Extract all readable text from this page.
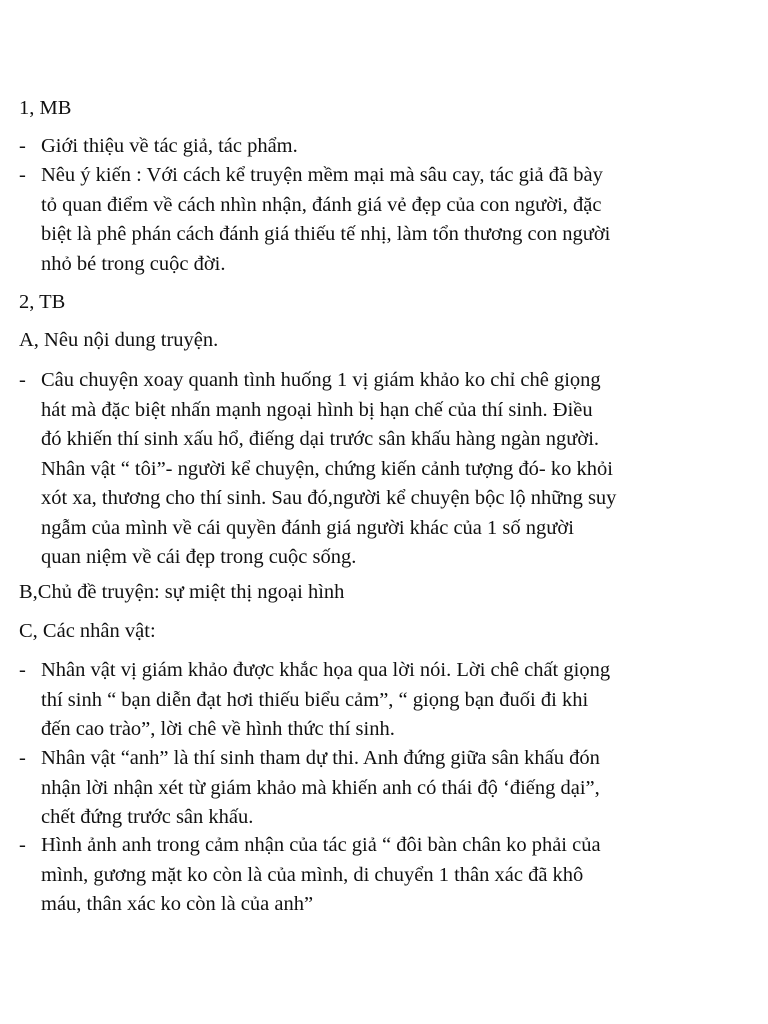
1, MB
- Giới thiệu về tác giả, tác phẩm.
- Nêu ý kiến : Với cách kể truyện mềm mại mà sâu cay, tác giả đã bày
tỏ quan điểm về cách nhìn nhận, đánh giá vẻ đẹp của con người, đặc
biệt là phê phán cách đánh giá thiếu tế nhị, làm tổn thương con người
nhỏ bé trong cuộc đời.
2, TB
A, Nêu nội dung truyện.
- Câu chuyện xoay quanh tình huống 1 vị giám khảo ko chỉ chê giọng
hát mà đặc biệt nhấn mạnh ngoại hình bị hạn chế của thí sinh. Điều
đó khiến thí sinh xấu hổ, điếng dại trước sân khấu hàng ngàn người.
Nhân vật “ tôi”- người kể chuyện, chứng kiến cảnh tượng đó- ko khỏi
xót xa, thương cho thí sinh. Sau đó,người kể chuyện bộc lộ những suy
ngẫm của mình về cái quyền đánh giá người khác của 1 số người
quan niệm về cái đẹp trong cuộc sống.
B,Chủ đề truyện: sự miệt thị ngoại hình
C, Các nhân vật:
- Nhân vật vị giám khảo được khắc họa qua lời nói. Lời chê chất giọng
thí sinh “ bạn diễn đạt hơi thiếu biểu cảm”, “ giọng bạn đuối đi khi
đến cao trào”, lời chê về hình thức thí sinh.
- Nhân vật “anh” là thí sinh tham dự thi. Anh đứng giữa sân khấu đón
nhận lời nhận xét từ giám khảo mà khiến anh có thái độ ‘điếng dại”,
chết đứng trước sân khấu.
- Hình ảnh anh trong cảm nhận của tác giả “ đôi bàn chân ko phải của
mình, gương mặt ko còn là của mình, di chuyển 1 thân xác đã khô
máu, thân xác ko còn là của anh”
